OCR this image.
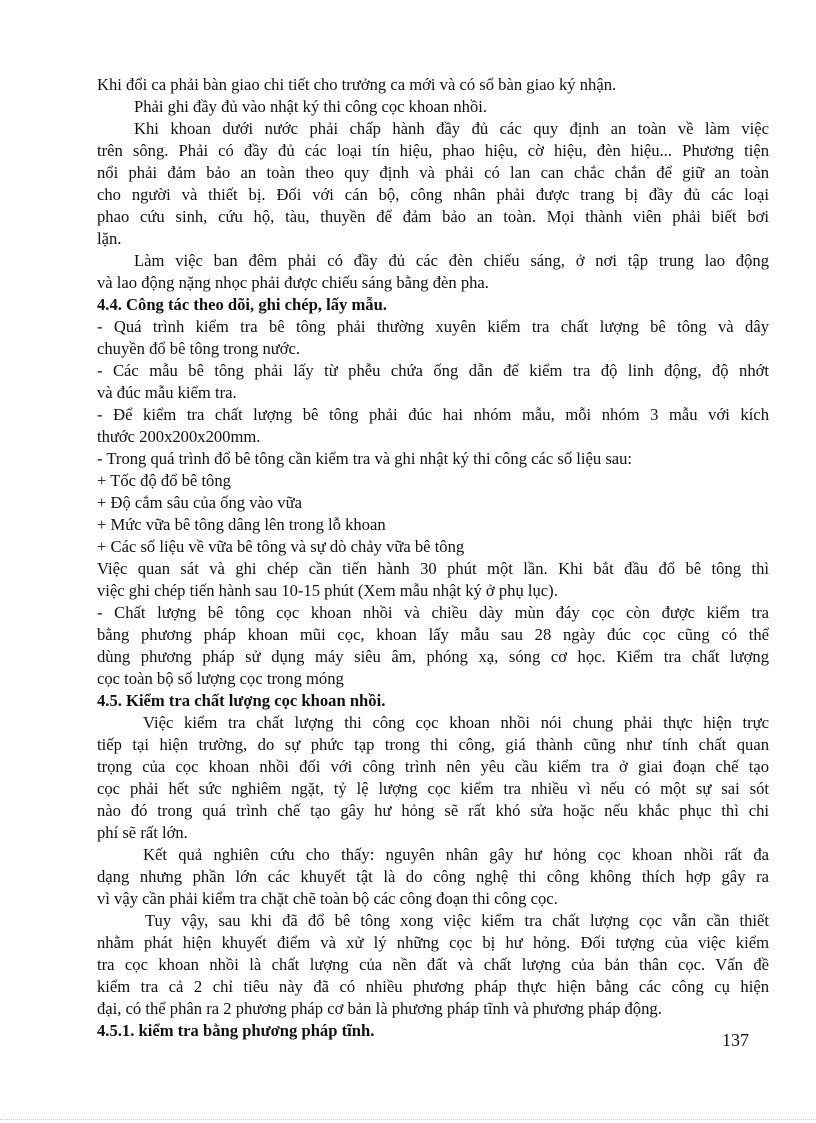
Khi đổi ca phải bàn giao chi tiết cho trưởng ca mới và có sổ bàn giao ký nhận.

Phải ghi đầy đủ vào nhật ký thi công cọc khoan nhồi.

Khi khoan dưới nước phải chấp hành đầy đủ các quy định an toàn về làm việc

trên sông. Phải có đầy đủ các loại tín hiệu, phao hiệu, cờ hiệu, đèn hiệu... Phương tiện

nổi phải đảm bảo an toàn theo quy định và phải có lan can chắc chắn để giữ an toàn

cho người và thiết bị. Đối với cán bộ, công nhân phải được trang bị đầy đủ các loại

phao cứu sinh, cứu hộ, tàu, thuyền để đảm bảo an toàn. Mọi thành viên phải biết bơi

lặn.

Làm việc ban đêm phải có đầy đủ các đèn chiếu sáng, ở nơi tập trung lao động

và lao động nặng nhọc phải được chiếu sáng bằng đèn pha.

4.4. Công tác theo dõi, ghi chép, lấy mẫu.

- Quá trình kiểm tra bê tông phải thường xuyên kiểm tra chất lượng bê tông và dây

chuyền đổ bê tông trong nước.

- Các mẫu bê tông phải lấy từ phễu chứa ống dẫn để kiểm tra độ linh động, độ nhớt

và đúc mẫu kiểm tra.

- Để kiểm tra chất lượng bê tông phải đúc hai nhóm mẫu, mỗi nhóm 3 mẫu với kích

thước 200x200x200mm.

- Trong quá trình đổ bê tông cần kiểm tra và ghi nhật ký thi công các số liệu sau:

+ Tốc độ đổ bê tông

+ Độ cắm sâu của ống vào vữa

+ Mức vữa bê tông dâng lên trong lỗ khoan

+ Các số liệu về vữa bê tông và sự dò chảy vữa bê tông

Việc quan sát và ghi chép cần tiến hành 30 phút một lần. Khi bắt đầu đổ bê tông thì

việc ghi chép tiến hành sau 10-15 phút (Xem mẫu nhật ký ở phụ lục).

- Chất lượng bê tông cọc khoan nhồi và chiều dày mùn đáy cọc còn được kiểm tra

bằng phương pháp khoan mũi cọc, khoan lấy mẫu sau 28 ngày đúc cọc cũng có thể

dùng phương pháp sử dụng máy siêu âm, phóng xạ, sóng cơ học. Kiểm tra chất lượng

cọc toàn bộ số lượng cọc trong móng

4.5. Kiểm tra chất lượng cọc khoan nhồi.

Việc kiểm tra chất lượng thi công cọc khoan nhồi nói chung phải thực hiện trực

tiếp tại hiện trường, do sự phức tạp trong thi công, giá thành cũng như tính chất quan

trọng của cọc khoan nhồi đối với công trình nên yêu cầu kiểm tra ở giai đoạn chế tạo

cọc phải hết sức nghiêm ngặt, tỷ lệ lượng cọc kiểm tra nhiều vì nếu có một sự sai sót

nào đó trong quá trình chế tạo gây hư hỏng sẽ rất khó sửa hoặc nếu khắc phục thì chi

phí sẽ rất lớn.

Kết quả nghiên cứu cho thấy: nguyên nhân gây hư hỏng cọc khoan nhồi rất đa

dạng nhưng phần lớn các khuyết tật là do công nghệ thi công không thích hợp gây ra

vì vậy cần phải kiểm tra chặt chẽ toàn bộ các công đoạn thi công cọc.

Tuy vậy, sau khi đã đổ bê tông xong việc kiểm tra chất lượng cọc vẫn cần thiết

nhằm phát hiện khuyết điểm và xử lý những cọc bị hư hỏng. Đối tượng của việc kiểm

tra cọc khoan nhồi là chất lượng của nền đất và chất lượng của bản thân cọc. Vấn đề

kiểm tra cả 2 chỉ tiêu này đã có nhiều phương pháp thực hiện bằng các công cụ hiện

đại, có thể phân ra 2 phương pháp cơ bản là phương pháp tĩnh và phương pháp động.

4.5.1. kiểm tra bằng phương pháp tĩnh.	137
